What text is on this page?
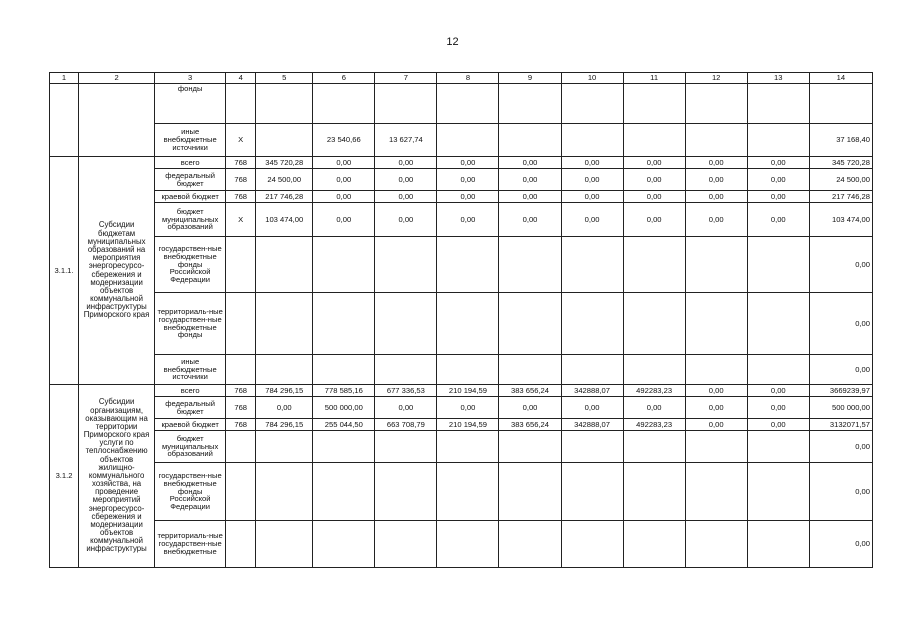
12
1	2	3	4	5	6	7	8	9	10	11	12	13	14
		фонды											
		иные внебюджетные источники	X		23 540,66	13 627,74							37 168,40
3.1.1.	Субсидии бюджетам муниципальных образований на мероприятия энергоресурсо-сбережения и модернизации объектов коммунальной инфраструктуры Приморского края	всего	768	345 720,28	0,00	0,00	0,00	0,00	0,00	0,00	0,00	0,00	345 720,28
		федеральный бюджет	768	24 500,00	0,00	0,00	0,00	0,00	0,00	0,00	0,00	0,00	24 500,00
		краевой бюджет	768	217 746,28	0,00	0,00	0,00	0,00	0,00	0,00	0,00	0,00	217 746,28
		бюджет муниципальных образований	X	103 474,00	0,00	0,00	0,00	0,00	0,00	0,00	0,00	0,00	103 474,00
		государствен-ные внебюджетные фонды Российской Федерации											0,00
		территориаль-ные государствен-ные внебюджетные фонды											0,00
		иные внебюджетные источники											0,00
3.1.2	Субсидии организациям, оказывающим на территории Приморского края услуги по теплоснабжению объектов жилищно-коммунального хозяйства, на проведение мероприятий энергоресурсо-сбережения и модернизации объектов коммунальной инфраструктуры	всего	768	784 296,15	778 585,16	677 336,53	210 194,59	383 656,24	342888,07	492283,23	0,00	0,00	3669239,97
		федеральный бюджет	768	0,00	500 000,00	0,00	0,00	0,00	0,00	0,00	0,00	0,00	500 000,00
		краевой бюджет	768	784 296,15	255 044,50	663 708,79	210 194,59	383 656,24	342888,07	492283,23	0,00	0,00	3132071,57
		бюджет муниципальных образований											0,00
		государствен-ные внебюджетные фонды Российской Федерации											0,00
		территориаль-ные государствен-ные внебюджетные											0,00
